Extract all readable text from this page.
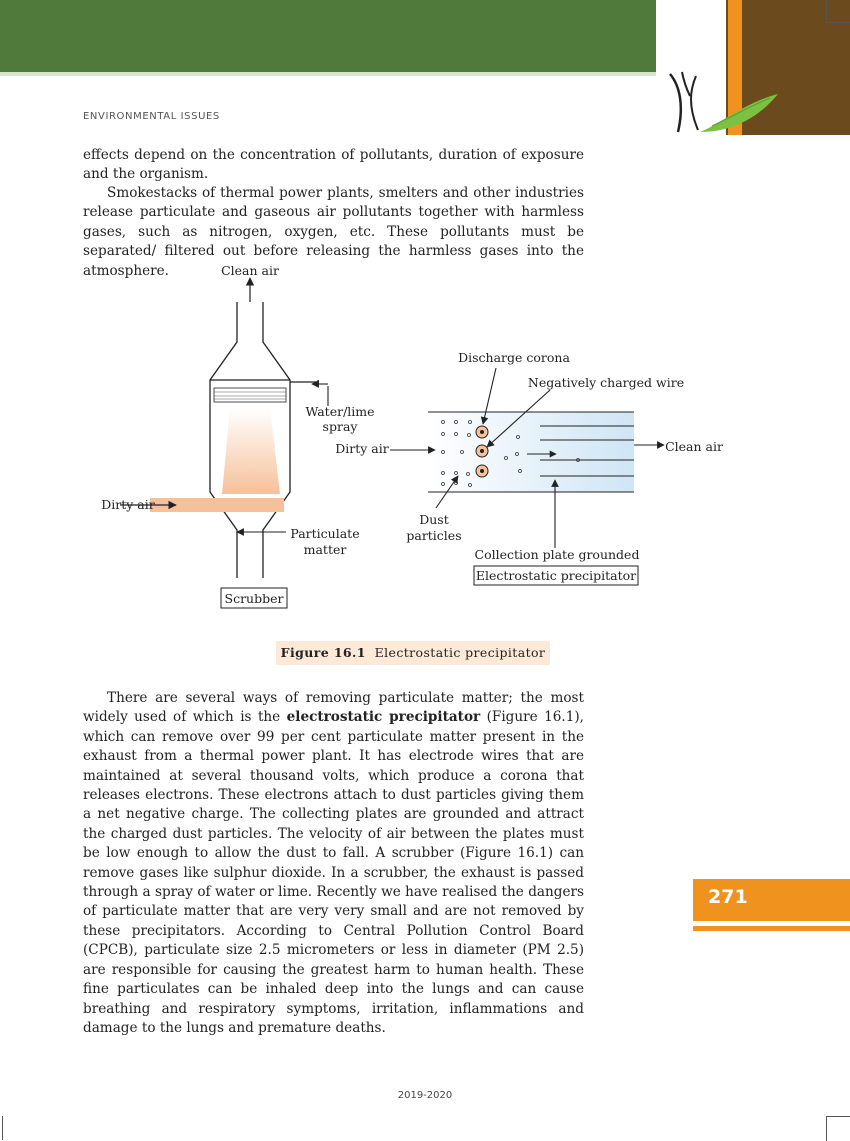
ENVIRONMENTAL ISSUES

effects depend on the concentration of pollutants, duration of exposure and the organism.

Smokestacks of thermal power plants, smelters and other industries release particulate and gaseous air pollutants together with harmless gases, such as nitrogen, oxygen, etc. These pollutants must be separated/ filtered out before releasing the harmless gases into the atmosphere.	Clean air
Water/lime
spray
Dirty air
Particulate
matter
Scrubber
Discharge corona
Negatively charged wire
Dirty air	Clean air
Dust
particles
Collection plate grounded
Electrostatic precipitator
Figure 16.1 Electrostatic precipitator

There are several ways of removing particulate matter; the most widely used of which is the electrostatic precipitator (Figure 16.1), which can remove over 99 per cent particulate matter present in the exhaust from a thermal power plant. It has electrode wires that are maintained at several thousand volts, which produce a corona that releases electrons. These electrons attach to dust particles giving them a net negative charge. The collecting plates are grounded and attract the charged dust particles. The velocity of air between the plates must be low enough to allow the dust to fall. A scrubber (Figure 16.1) can remove gases like sulphur dioxide. In a scrubber, the exhaust is passed through a spray of water or lime. Recently we have realised the dangers of particulate matter that are very very small and are not removed by these precipitators. According to Central Pollution Control Board (CPCB), particulate size 2.5 micrometers or less in diameter (PM 2.5) are responsible for causing the greatest harm to human health. These fine particulates can be inhaled deep into the lungs and can cause breathing and respiratory symptoms, irritation, inflammations and damage to the lungs and premature deaths.

271
2019-2020
